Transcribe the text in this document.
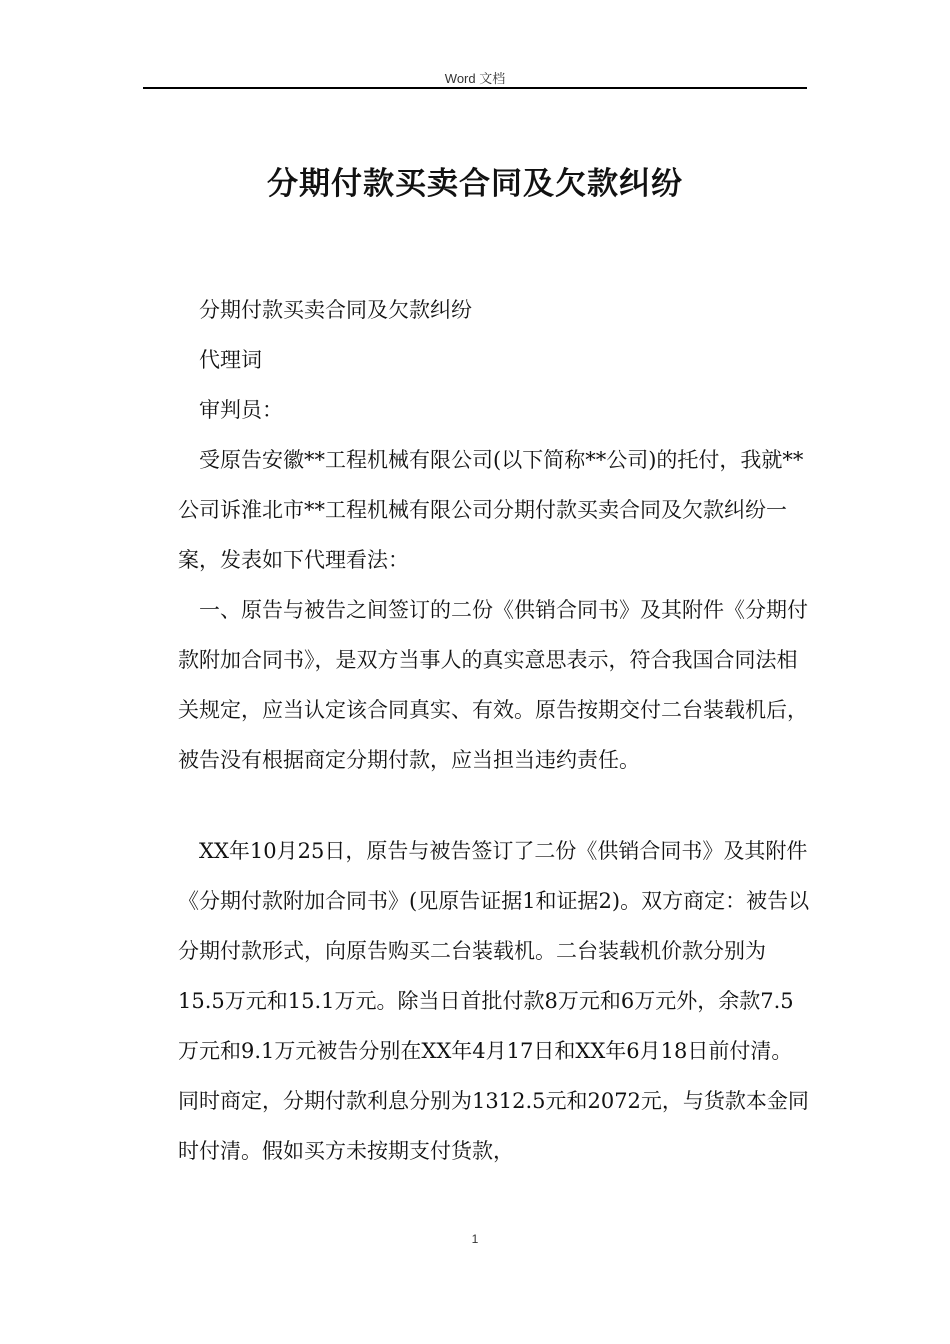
Word 文档
分期付款买卖合同及欠款纠纷

分期付款买卖合同及欠款纠纷

代理词

审判员：

受原告安徽**工程机械有限公司(以下简称**公司)的托付，我就**公司诉淮北市**工程机械有限公司分期付款买卖合同及欠款纠纷一案，发表如下代理看法：

一、原告与被告之间签订的二份《供销合同书》及其附件《分期付款附加合同书》，是双方当事人的真实意思表示，符合我国合同法相关规定，应当认定该合同真实、有效。原告按期交付二台装载机后，被告没有根据商定分期付款，应当担当违约责任。

XX年10月25日，原告与被告签订了二份《供销合同书》及其附件《分期付款附加合同书》(见原告证据1和证据2)。双方商定：被告以分期付款形式，向原告购买二台装载机。二台装载机价款分别为15.5万元和15.1万元。除当日首批付款8万元和6万元外，余款7.5万元和9.1万元被告分别在XX年4月17日和XX年6月18日前付清。同时商定，分期付款利息分别为1312.5元和2072元，与货款本金同时付清。假如买方未按期支付货款，

1
